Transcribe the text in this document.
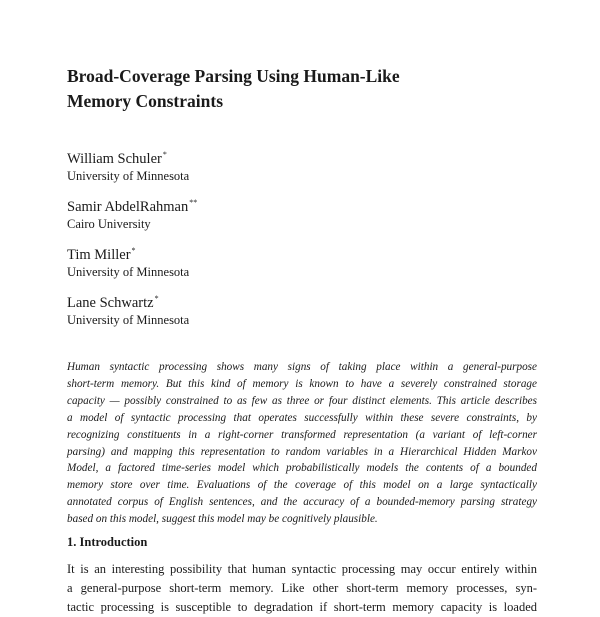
Broad-Coverage Parsing Using Human-Like
Memory Constraints
William Schuler*
University of Minnesota
Samir AbdelRahman**
Cairo University
Tim Miller*
University of Minnesota
Lane Schwartz*
University of Minnesota
Human syntactic processing shows many signs of taking place within a general-purpose
short-term memory. But this kind of memory is known to have a severely constrained storage
capacity — possibly constrained to as few as three or four distinct elements. This article describes
a model of syntactic processing that operates successfully within these severe constraints, by
recognizing constituents in a right-corner transformed representation (a variant of left-corner
parsing) and mapping this representation to random variables in a Hierarchical Hidden Markov
Model, a factored time-series model which probabilistically models the contents of a bounded
memory store over time. Evaluations of the coverage of this model on a large syntactically
annotated corpus of English sentences, and the accuracy of a bounded-memory parsing strategy
based on this model, suggest this model may be cognitively plausible.
1. Introduction
It is an interesting possibility that human syntactic processing may occur entirely within
a general-purpose short-term memory. Like other short-term memory processes, syn-
tactic processing is susceptible to degradation if short-term memory capacity is loaded
